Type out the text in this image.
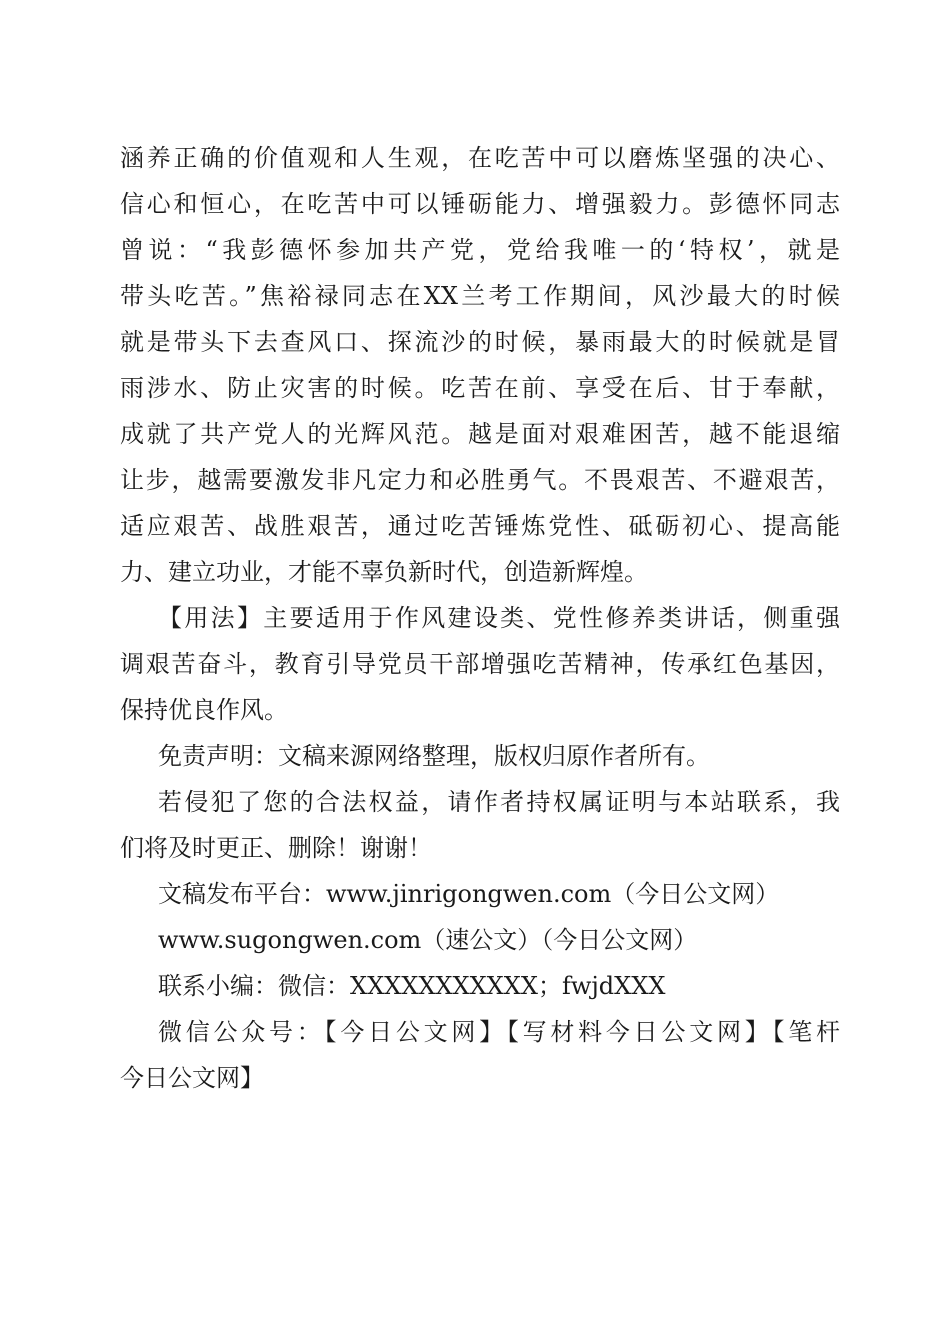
涵养正确的价值观和人生观，在吃苦中可以磨炼坚强的决心、
信心和恒心，在吃苦中可以锤砺能力、增强毅力。彭德怀同志
曾说：“我彭德怀参加共产党，党给我唯一的‘特权’，就是
带头吃苦。”焦裕禄同志在XX兰考工作期间，风沙最大的时候
就是带头下去查风口、探流沙的时候，暴雨最大的时候就是冒
雨涉水、防止灾害的时候。吃苦在前、享受在后、甘于奉献，
成就了共产党人的光辉风范。越是面对艰难困苦，越不能退缩
让步，越需要激发非凡定力和必胜勇气。不畏艰苦、不避艰苦，
适应艰苦、战胜艰苦，通过吃苦锤炼党性、砥砺初心、提高能
力、建立功业，才能不辜负新时代，创造新辉煌。
【用法】主要适用于作风建设类、党性修养类讲话，侧重强
调艰苦奋斗，教育引导党员干部增强吃苦精神，传承红色基因，
保持优良作风。
免责声明：文稿来源网络整理，版权归原作者所有。
若侵犯了您的合法权益，请作者持权属证明与本站联系，我
们将及时更正、删除！谢谢！
文稿发布平台：www.jinrigongwen.com（今日公文网）
www.sugongwen.com（速公文）（今日公文网）
联系小编：微信：XXXXXXXXXXX；fwjdXXX
微信公众号：【今日公文网】【写材料今日公文网】【笔杆
今日公文网】
